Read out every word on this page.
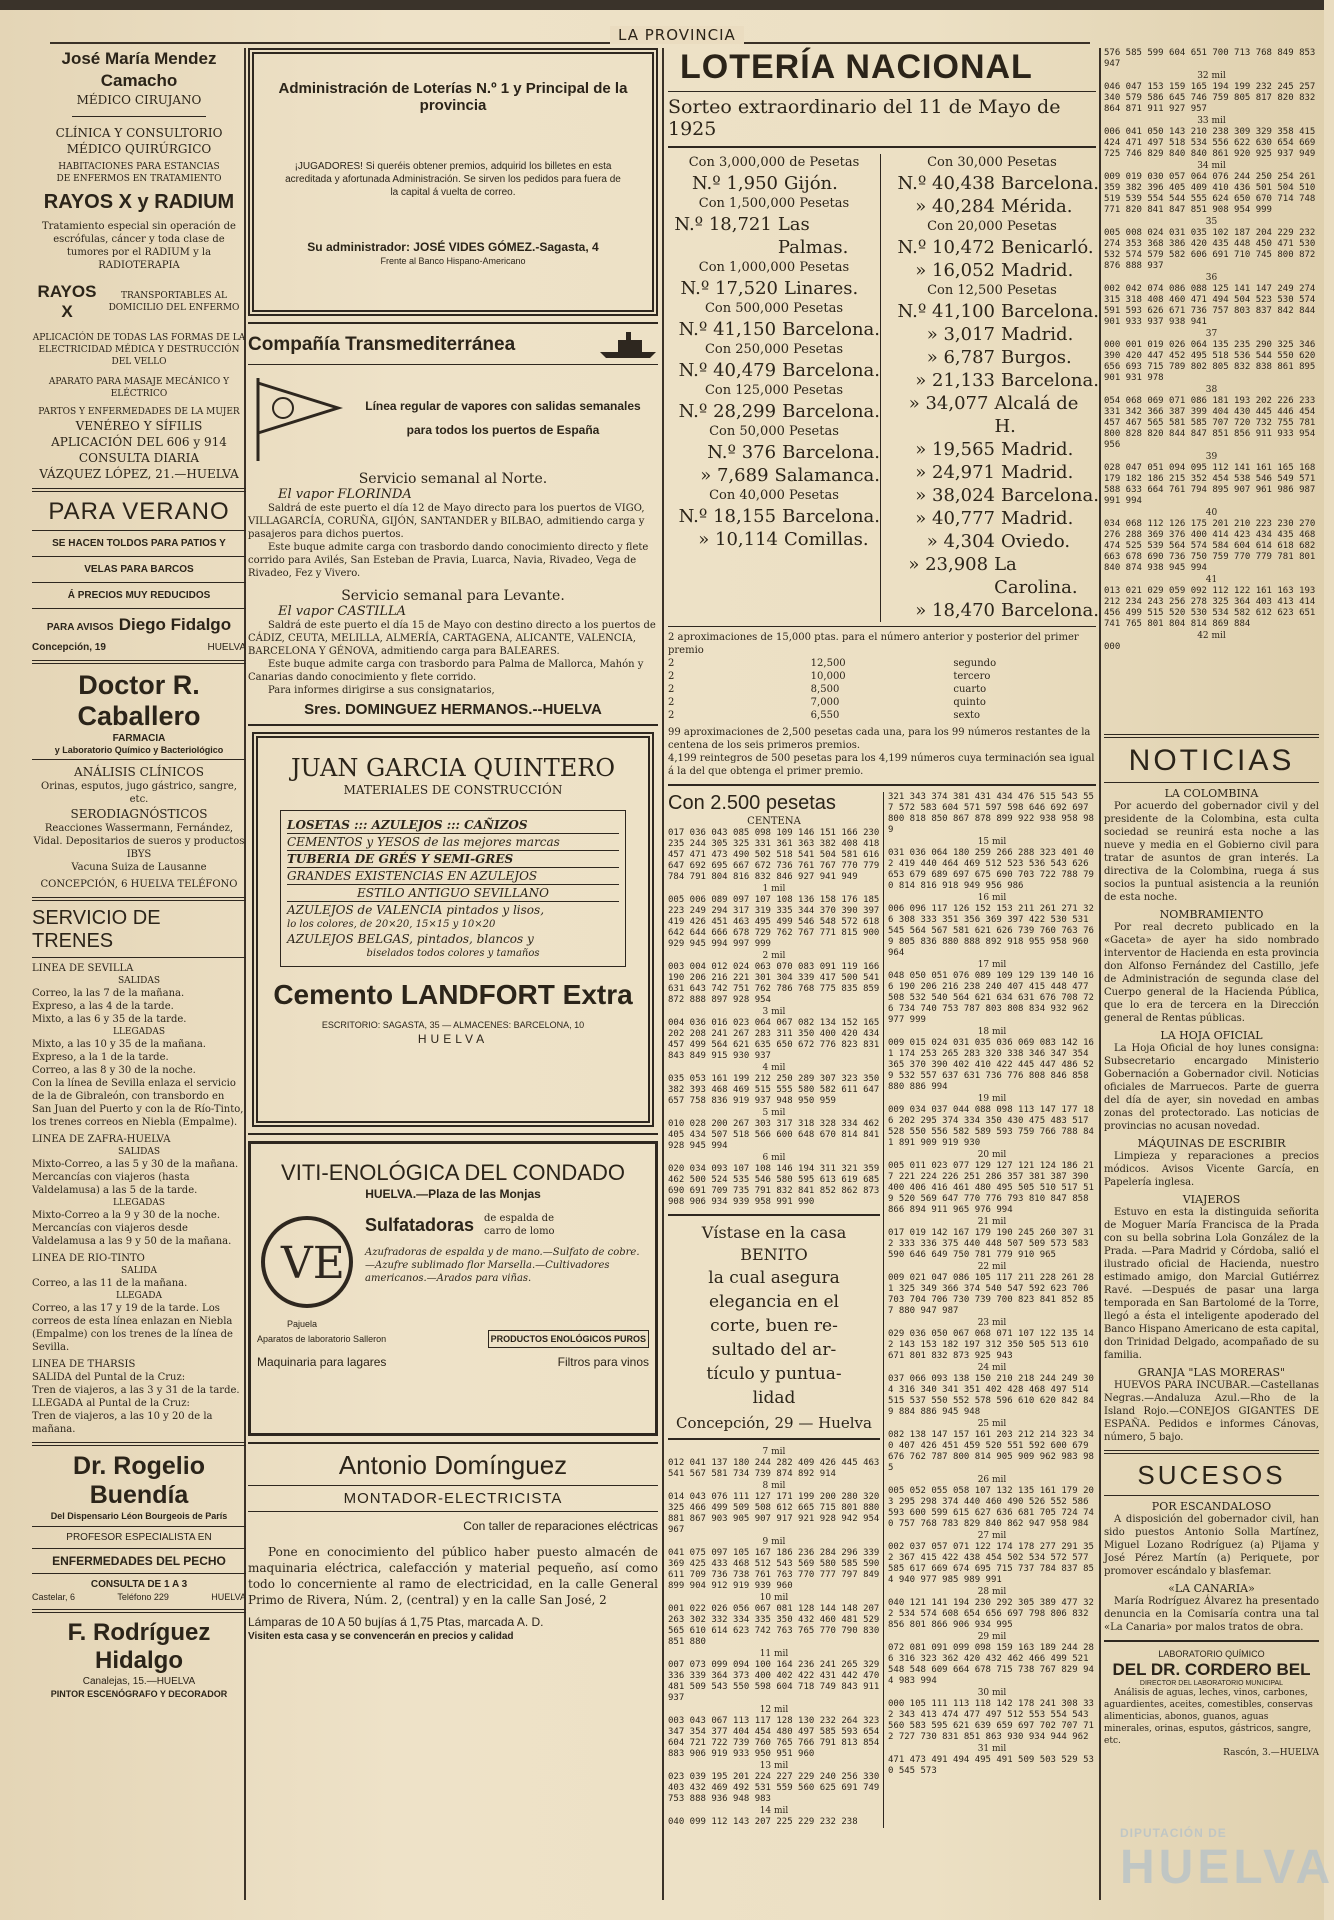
LA PROVINCIA

José María Mendez Camacho

MÉDICO CIRUJANO

CLÍNICA Y CONSULTORIO

MÉDICO QUIRÚRGICO

HABITACIONES PARA ESTANCIAS

DE ENFERMOS EN TRATAMIENTO

RAYOS X y RADIUM

Tratamiento especial sin operación de escrófulas, cáncer y toda clase de tumores por el RADIUM y la RADIOTERAPIA

RAYOS X
TRANSPORTABLES AL DOMICILIO DEL ENFERMO

APLICACIÓN DE TODAS LAS FORMAS DE LA ELECTRICIDAD MÉDICA Y DESTRUCCIÓN DEL VELLO

APARATO PARA MASAJE MECÁNICO Y ELÉCTRICO

PARTOS Y ENFERMEDADES DE LA MUJER

VENÉREO Y SÍFILIS

APLICACIÓN DEL 606 y 914

CONSULTA DIARIA

VÁZQUEZ LÓPEZ, 21.—HUELVA

PARA VERANO

SE HACEN TOLDOS PARA PATIOS Y

VELAS PARA BARCOS

Á PRECIOS MUY REDUCIDOS

PARA AVISOS Diego Fidalgo

Concepción, 19	HUELVA

Doctor R. Caballero

FARMACIA

y Laboratorio Químico y Bacteriológico

ANÁLISIS CLÍNICOS

Orinas, esputos, jugo gástrico, sangre, etc.

SERODIAGNÓSTICOS

Reacciones Wassermann, Fernández, Vidal. Depositarios de sueros y productos IBYS

Vacuna Suiza de Lausanne

CONCEPCIÓN, 6 HUELVA TELÉFONO

SERVICIO DE TRENES

LINEA DE SEVILLA

SALIDAS

Correo, la las 7 de la mañana.

Expreso, a las 4 de la tarde.

Mixto, a las 6 y 35 de la tarde.

LLEGADAS

Mixto, a las 10 y 35 de la mañana.

Expreso, a la 1 de la tarde.

Correo, a las 8 y 30 de la noche.

Con la línea de Sevilla enlaza el servicio de la de Gibraleón, con transbordo en San Juan del Puerto y con la de Río-Tinto, los trenes correos en Niebla (Empalme).

LINEA DE ZAFRA-HUELVA

SALIDAS

Mixto-Correo, a las 5 y 30 de la mañana. Mercancías con viajeros (hasta Valdelamusa) a las 5 de la tarde.

LLEGADAS

Mixto-Correo a la 9 y 30 de la noche. Mercancías con viajeros desde Valdelamusa a las 9 y 50 de la mañana.

LINEA DE RIO-TINTO

SALIDA

Correo, a las 11 de la mañana.

LLEGADA

Correo, a las 17 y 19 de la tarde. Los correos de esta línea enlazan en Niebla (Empalme) con los trenes de la línea de Sevilla.

LINEA DE THARSIS

SALIDA del Puntal de la Cruz:

Tren de viajeros, a las 3 y 31 de la tarde.

LLEGADA al Puntal de la Cruz:

Tren de viajeros, a las 10 y 20 de la mañana.

Dr. Rogelio Buendía

Del Dispensario Léon Bourgeois de París

PROFESOR ESPECIALISTA EN

ENFERMEDADES DEL PECHO

CONSULTA DE 1 A 3

Castelar, 6	Teléfono 229	HUELVA

F. Rodríguez Hidalgo

Canalejas, 15.—HUELVA

PINTOR ESCENÓGRAFO Y DECORADOR

Administración de Loterías N.º 1 y Principal de la provincia

¡JUGADORES! Si queréis obtener premios, adquirid los billetes en esta acreditada y afortunada Administración. Se sirven los pedidos para fuera de la capital á vuelta de correo.

Su administrador: JOSÉ VIDES GÓMEZ.-Sagasta, 4

Frente al Banco Hispano-Americano

Compañía Transmediterránea

Línea regular de vapores con salidas semanales

para todos los puertos de España

Servicio semanal al Norte.

El vapor FLORINDA

Saldrá de este puerto el día 12 de Mayo directo para los puertos de VIGO, VILLAGARCÍA, CORUÑA, GIJÓN, SANTANDER y BILBAO, admitiendo carga y pasajeros para dichos puertos.

Este buque admite carga con trasbordo dando conocimiento directo y flete corrido para Avilés, San Esteban de Pravia, Luarca, Navia, Rivadeo, Vega de Rivadeo, Fez y Vivero.

Servicio semanal para Levante.

El vapor CASTILLA

Saldrá de este puerto el día 15 de Mayo con destino directo a los puertos de CÁDIZ, CEUTA, MELILLA, ALMERÍA, CARTAGENA, ALICANTE, VALENCIA, BARCELONA Y GÉNOVA, admitiendo carga para BALEARES.

Este buque admite carga con trasbordo para Palma de Mallorca, Mahón y Canarias dando conocimiento y flete corrido.

Para informes dirigirse a sus consignatarios,

Sres. DOMINGUEZ HERMANOS.--HUELVA

JUAN GARCIA QUINTERO

MATERIALES DE CONSTRUCCIÓN

LOSETAS ::: AZULEJOS ::: CAÑIZOS

CEMENTOS y YESOS de las mejores marcas

TUBERIA DE GRÉS Y SEMI-GRES

GRANDES EXISTENCIAS EN AZULEJOS

ESTILO ANTIGUO SEVILLANO

AZULEJOS de VALENCIA pintados y lisos,

lo los colores, de 20×20, 15×15 y 10×20

AZULEJOS BELGAS, pintados, blancos y

biselados todos colores y tamaños

Cemento LANDFORT Extra

ESCRITORIO: SAGASTA, 35 — ALMACENES: BARCELONA, 10

HUELVA

VITI-ENOLÓGICA DEL CONDADO

HUELVA.—Plaza de las Monjas

VE
Sulfatadoras de espalda de carro de lomo

Azufradoras de espalda y de mano.—Sulfato de cobre.—Azufre sublimado flor Marsella.—Cultivadores americanos.—Arados para viñas.

Pajuela

Aparatos de laboratorio Salleron	PRODUCTOS ENOLÓGICOS PUROS
Maquinaria para lagares	Filtros para vinos

Antonio Domínguez

MONTADOR-ELECTRICISTA

Con taller de reparaciones eléctricas

Pone en conocimiento del público haber puesto almacén de maquinaria eléctrica, calefacción y material pequeño, así como todo lo concerniente al ramo de electricidad, en la calle General Primo de Rivera, Núm. 2, (central) y en la calle San José, 2

Lámparas de 10 A 50 bujías á 1,75 Ptas, marcada A. D.

Visiten esta casa y se convencerán en precios y calidad

LOTERÍA NACIONAL

Sorteo extraordinario del 11 de Mayo de 1925

Con 3,000,000 de Pesetas
N.º 1,950 Gijón.
Con 1,500,000 Pesetas
N.º 18,721 Las Palmas.
Con 1,000,000 Pesetas
N.º 17,520 Linares.
Con 500,000 Pesetas
N.º 41,150 Barcelona.
Con 250,000 Pesetas
N.º 40,479 Barcelona.
Con 125,000 Pesetas
N.º 28,299 Barcelona.
Con 50,000 Pesetas
N.º 376 Barcelona.
» 7,689 Salamanca.
Con 40,000 Pesetas
N.º 18,155 Barcelona.
» 10,114 Comillas.
Con 30,000 Pesetas
N.º 40,438 Barcelona.
» 40,284 Mérida.
Con 20,000 Pesetas
N.º 10,472 Benicarló.
» 16,052 Madrid.
Con 12,500 Pesetas
N.º 41,100 Barcelona.
» 3,017 Madrid.
» 6,787 Burgos.
» 21,133 Barcelona.
» 34,077 Alcalá de H.
» 19,565 Madrid.
» 24,971 Madrid.
» 38,024 Barcelona.
» 40,777 Madrid.
» 4,304 Oviedo.
» 23,908 La Carolina.
» 18,470 Barcelona.

2 aproximaciones de 15,000 ptas. para el número anterior y posterior del primer premio

2	12,500	segundo
2	10,000	tercero
2	8,500	cuarto
2	7,000	quinto
2	6,550	sexto

99 aproximaciones de 2,500 pesetas cada una, para los 99 números restantes de la centena de los seis primeros premios.

4,199 reintegros de 500 pesetas para los 4,199 números cuya terminación sea igual á la del que obtenga el primer premio.

Con 2.500 pesetas

CENTENA

017 036 043 085 098 109 146 151 166 230 235 244 305 325 331 361 363 382 408 418 457 471 473 490 502 518 541 504 581 616 647 692 695 667 672 736 761 767 770 779 784 791 804 816 832 846 927 941 949
1 mil
005 006 089 097 107 108 136 158 176 185 223 249 294 317 319 335 344 370 390 397 419 426 451 463 495 499 546 548 572 618 642 644 666 678 729 762 767 771 815 900 929 945 994 997 999
2 mil
003 004 012 024 063 070 083 091 119 166 190 206 216 221 301 304 339 417 500 541 631 643 742 751 762 786 768 775 835 859 872 888 897 928 954
3 mil
004 036 016 023 064 067 082 134 152 165 202 208 241 267 283 311 350 400 420 434 457 499 564 621 635 650 672 776 823 831 843 849 915 930 937
4 mil
035 053 161 199 212 250 289 307 323 350 382 393 468 469 515 555 580 582 611 647 657 758 836 919 937 948 950 959
5 mil
010 028 200 267 303 317 318 328 334 462 405 434 507 518 566 600 648 670 814 841 928 945 994
6 mil
020 034 093 107 108 146 194 311 321 359 462 500 524 535 546 580 595 613 619 685 690 691 709 735 791 832 841 852 862 873 908 906 934 939 958 991 990

Vístase en la casa BENITO

la cual asegura

elegancia en el

corte, buen re-

sultado del ar-

tículo y puntua-

lidad

Concepción, 29 — Huelva

7 mil
012 041 137 180 244 282 409 426 445 463 541 567 581 734 739 874 892 914
8 mil
014 043 076 111 127 171 199 200 280 320 325 466 499 509 508 612 665 715 801 880 881 867 903 905 907 917 921 928 942 954 967
9 mil
041 075 097 105 167 186 236 284 296 339 369 425 433 468 512 543 569 580 585 590 611 709 736 738 761 763 770 777 797 849 899 904 912 919 939 960
10 mil
001 022 026 056 067 081 128 144 148 207 263 302 332 334 335 350 432 460 481 529 565 610 614 623 742 763 765 770 790 830 851 880
11 mil
007 073 099 094 100 164 236 241 265 329 336 339 364 373 400 402 422 431 442 470 481 509 543 550 598 604 718 749 843 911 937
12 mil
003 043 067 113 117 128 130 232 264 323 347 354 377 404 454 480 497 585 593 654 604 721 722 739 760 765 766 791 813 854 883 906 919 933 950 951 960
13 mil
023 039 195 201 224 227 229 240 256 330 403 432 469 492 531 559 560 625 691 749 753 888 936 948 983
14 mil
040 099 112 143 207 225 229 232 238
321 343 374 381 431 434 476 515 543 557 572 583 604 571 597 598 646 692 697 800 818 850 867 878 899 922 938 958 989
15 mil
031 036 064 180 259 266 288 323 401 402 419 440 464 469 512 523 536 543 626 653 679 689 697 675 690 703 722 788 790 814 816 918 949 956 986
16 mil
006 096 117 126 152 153 211 261 271 326 308 333 351 356 369 397 422 530 531 545 564 567 581 621 626 739 760 763 769 805 836 880 888 892 918 955 958 960 964
17 mil
048 050 051 076 089 109 129 139 140 166 190 206 216 238 240 407 415 448 477 508 532 540 564 621 634 631 676 708 726 734 740 753 787 803 808 834 932 962 977 999
18 mil
009 015 024 031 035 036 069 083 142 161 174 253 265 283 320 338 346 347 354 365 370 390 402 410 422 445 447 486 529 532 557 637 631 736 776 808 846 858 880 886 994
19 mil
009 034 037 044 088 098 113 147 177 186 202 295 374 334 350 430 475 483 517 528 550 556 582 589 593 759 766 788 841 891 909 919 930
20 mil
005 011 023 077 129 127 121 124 186 217 221 224 226 251 286 357 381 387 390 400 406 416 461 480 495 505 510 517 519 520 569 647 770 776 793 810 847 858 866 894 911 965 976 994
21 mil
017 019 142 167 179 190 245 260 307 312 333 336 375 440 448 507 509 573 583 590 646 649 750 781 779 910 965
22 mil
009 021 047 086 105 117 211 228 261 281 325 349 366 374 540 547 592 623 706 703 704 706 730 739 700 823 841 852 857 880 947 987
23 mil
029 036 050 067 068 071 107 122 135 142 143 153 182 197 312 350 505 513 610 671 801 832 873 925 943
24 mil
037 066 093 138 150 210 218 244 249 304 316 340 341 351 402 428 468 497 514 515 537 550 552 578 596 610 620 842 849 884 886 945 948
25 mil
082 138 147 157 161 203 212 214 323 340 407 426 451 459 520 551 592 600 679 676 762 787 800 814 905 909 962 983 985
26 mil
005 052 055 058 107 132 135 161 179 203 295 298 374 440 460 490 526 552 586 593 600 599 615 627 636 681 705 724 740 757 768 783 829 840 862 947 958 984
27 mil
002 037 057 071 122 174 178 277 291 352 367 415 422 438 454 502 534 572 577 585 617 669 674 695 715 737 784 837 854 940 977 985 989 991
28 mil
040 121 141 194 230 292 305 389 477 322 534 574 608 654 656 697 798 806 832 856 801 866 906 934 995
29 mil
072 081 091 099 098 159 163 189 244 286 316 323 362 420 432 462 466 499 521 548 548 609 664 678 715 738 767 829 944 983 994
30 mil
000 105 111 113 118 142 178 241 308 332 343 413 474 477 497 512 553 554 543 560 583 595 621 639 659 697 702 707 712 727 730 831 851 863 930 934 944 962
31 mil
471 473 491 494 495 491 509 503 529 530 545 573
576 585 599 604 651 700 713 768 849 853 947
32 mil
046 047 153 159 165 194 199 232 245 257 340 579 586 645 746 759 805 817 820 832 864 871 911 927 957
33 mil
006 041 050 143 210 238 309 329 358 415 424 471 497 518 534 556 622 630 654 669 725 746 829 840 840 861 920 925 937 949
34 mil
009 019 030 057 064 076 244 250 254 261 359 382 396 405 409 410 436 501 504 510 519 539 554 544 555 624 650 670 714 748 771 820 841 847 851 908 954 999
35
005 008 024 031 035 102 187 204 229 232 274 353 368 386 420 435 448 450 471 530 532 574 579 582 606 691 710 745 800 872 876 888 937
36
002 042 074 086 088 125 141 147 249 274 315 318 408 460 471 494 504 523 530 574 591 593 626 671 736 757 803 837 842 844 901 933 937 938 941
37
000 001 019 026 064 135 235 290 325 346 390 420 447 452 495 518 536 544 550 620 656 693 715 789 802 805 832 838 861 895 901 931 978
38
054 068 069 071 086 181 193 202 226 233 331 342 366 387 399 404 430 445 446 454 457 467 565 581 585 707 720 732 755 781 800 828 820 844 847 851 856 911 933 954 956
39
028 047 051 094 095 112 141 161 165 168 179 182 186 215 352 454 538 546 549 571 588 633 664 761 794 895 907 961 986 987 991 994
40
034 068 112 126 175 201 210 223 230 270 276 288 369 376 400 414 423 434 435 468 474 525 539 564 574 584 604 614 618 682 663 678 690 736 750 759 770 779 781 801 840 874 938 945 994
41
013 021 029 059 092 112 122 161 163 193 212 234 243 256 278 325 364 403 413 414 456 499 515 520 530 534 582 612 623 651 741 765 801 804 814 869 884
42 mil
000

NOTICIAS

LA COLOMBINA
Por acuerdo del gobernador civil y del presidente de la Colombina, esta culta sociedad se reunirá esta noche a las nueve y media en el Gobierno civil para tratar de asuntos de gran interés. La directiva de la Colombina, ruega á sus socios la puntual asistencia a la reunión de esta noche.
NOMBRAMIENTO
Por real decreto publicado en la «Gaceta» de ayer ha sido nombrado interventor de Hacienda en esta provincia don Alfonso Fernández del Castillo, jefe de Administración de segunda clase del Cuerpo general de la Hacienda Pública, que lo era de tercera en la Dirección general de Rentas públicas.
LA HOJA OFICIAL
La Hoja Oficial de hoy lunes consigna: Subsecretario encargado Ministerio Gobernación a Gobernador civil. Noticias oficiales de Marruecos. Parte de guerra del día de ayer, sin novedad en ambas zonas del protectorado. Las noticias de provincias no acusan novedad.
MÁQUINAS DE ESCRIBIR
Limpieza y reparaciones a precios módicos. Avisos Vicente García, en Papelería inglesa.
VIAJEROS
Estuvo en esta la distinguida señorita de Moguer María Francisca de la Prada con su bella sobrina Lola González de la Prada. —Para Madrid y Córdoba, salió el ilustrado oficial de Hacienda, nuestro estimado amigo, don Marcial Gutiérrez Ravé. —Después de pasar una larga temporada en San Bartolomé de la Torre, llegó a ésta el inteligente apoderado del Banco Hispano Americano de esta capital, don Trinidad Delgado, acompañado de su familia.
GRANJA "LAS MORERAS"
HUEVOS PARA INCUBAR.—Castellanas Negras.—Andaluza Azul.—Rho de la Island Rojo.—CONEJOS GIGANTES DE ESPAÑA. Pedidos e informes Cánovas, número, 5 bajo.

SUCESOS

POR ESCANDALOSO
A disposición del gobernador civil, han sido puestos Antonio Solla Martínez, Miguel Lozano Rodríguez (a) Pijama y José Pérez Martín (a) Periquete, por promover escándalo y blasfemar.
«LA CANARIA»
María Rodríguez Álvarez ha presentado denuncia en la Comisaría contra una tal «La Canaria» por malos tratos de obra.

LABORATORIO QUÍMICO

DEL DR. CORDERO BEL

DIRECTOR DEL LABORATORIO MUNICIPAL

Análisis de aguas, leches, vinos, carbones, aguardientes, aceites, comestibles, conservas alimenticias, abonos, guanos, aguas minerales, orinas, esputos, gástricos, sangre, etc.

Rascón, 3.—HUELVA

DIPUTACIÓN DE
HUELVA
